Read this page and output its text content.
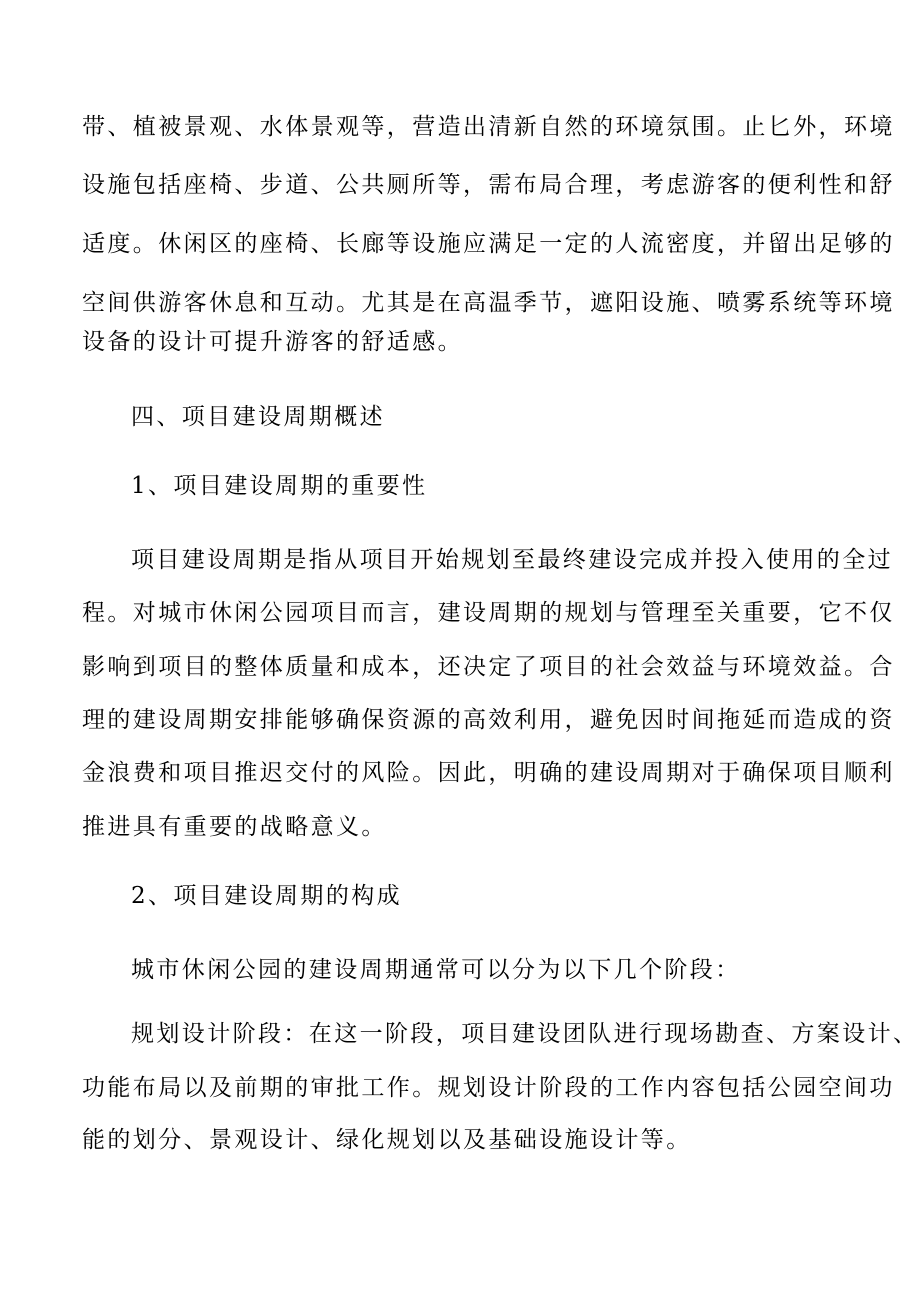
带、植被景观、水体景观等，营造出清新自然的环境氛围。止匕外，环境
设施包括座椅、步道、公共厕所等，需布局合理，考虑游客的便利性和舒
适度。休闲区的座椅、长廊等设施应满足一定的人流密度，并留出足够的
空间供游客休息和互动。尤其是在高温季节，遮阳设施、喷雾系统等环境
设备的设计可提升游客的舒适感。
四、项目建设周期概述
1、项目建设周期的重要性
项目建设周期是指从项目开始规划至最终建设完成并投入使用的全过
程。对城市休闲公园项目而言，建设周期的规划与管理至关重要，它不仅
影响到项目的整体质量和成本，还决定了项目的社会效益与环境效益。合
理的建设周期安排能够确保资源的高效利用，避免因时间拖延而造成的资
金浪费和项目推迟交付的风险。因此，明确的建设周期对于确保项目顺利
推进具有重要的战略意义。
2、项目建设周期的构成
城市休闲公园的建设周期通常可以分为以下几个阶段：
规划设计阶段：在这一阶段，项目建设团队进行现场勘查、方案设计、
功能布局以及前期的审批工作。规划设计阶段的工作内容包括公园空间功
能的划分、景观设计、绿化规划以及基础设施设计等。
